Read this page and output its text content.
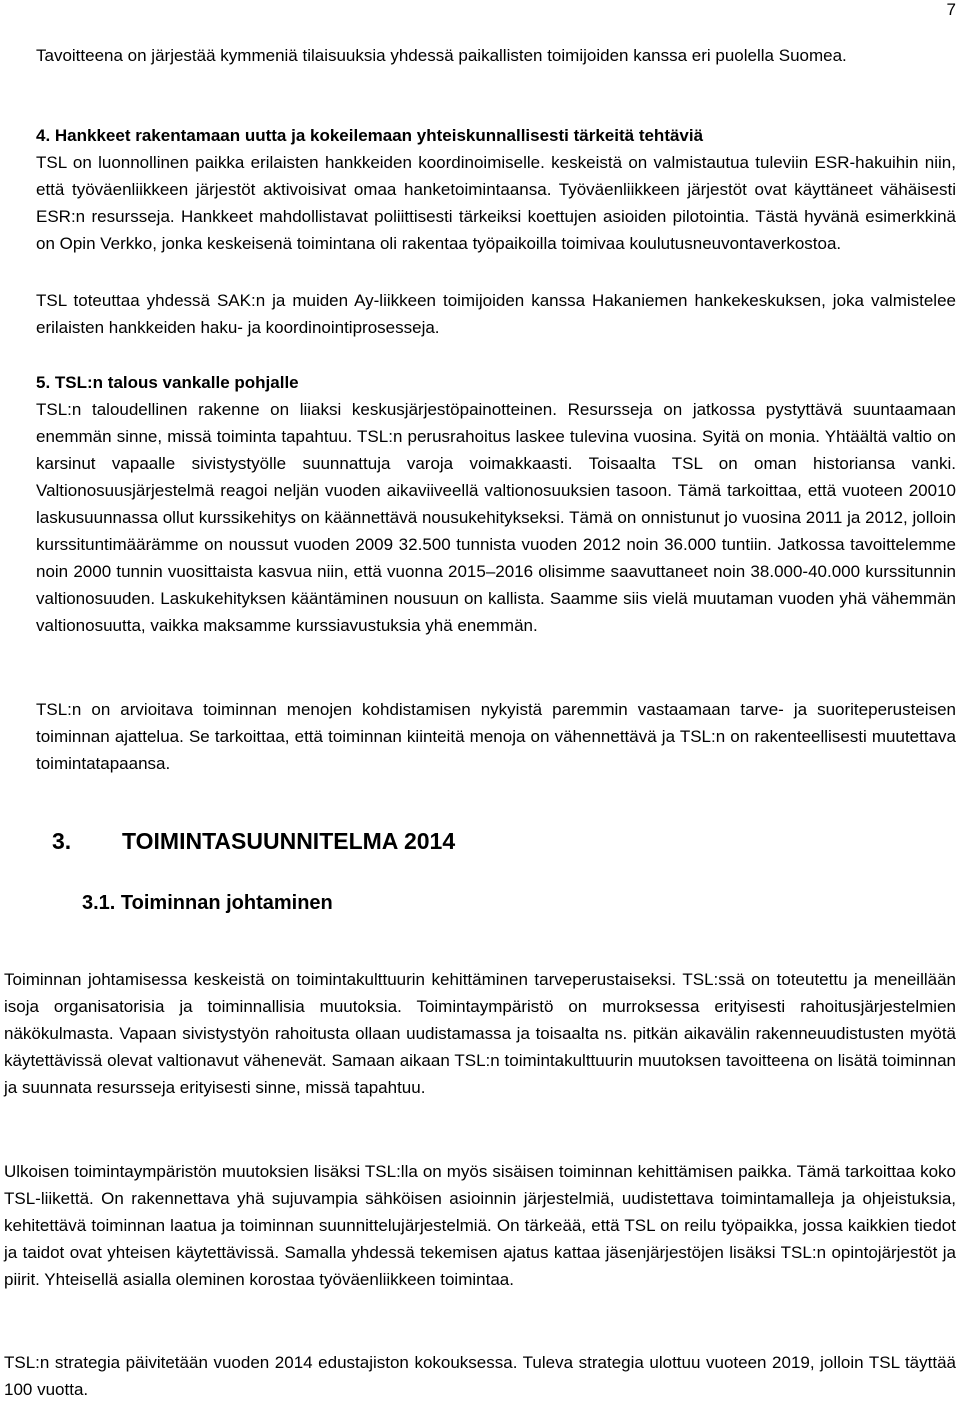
7

Tavoitteena on järjestää kymmeniä tilaisuuksia yhdessä paikallisten toimijoiden kanssa eri puolella Suomea.

4. Hankkeet rakentamaan uutta ja kokeilemaan yhteiskunnallisesti tärkeitä tehtäviä

TSL on luonnollinen paikka erilaisten hankkeiden koordinoimiselle. keskeistä on valmistautua tuleviin ESR-hakuihin niin, että työväenliikkeen järjestöt aktivoisivat omaa hanketoimintaansa. Työväenliikkeen järjestöt ovat käyttäneet vähäisesti ESR:n resursseja. Hankkeet mahdollistavat poliittisesti tärkeiksi koettujen asioiden pilotointia. Tästä hyvänä esimerkkinä on Opin Verkko, jonka keskeisenä toimintana oli rakentaa työpaikoilla toimivaa koulutusneuvontaverkostoa.

TSL toteuttaa yhdessä SAK:n ja muiden Ay-liikkeen toimijoiden kanssa Hakaniemen hankekeskuksen, joka valmistelee erilaisten hankkeiden haku- ja koordinointiprosesseja.

5. TSL:n talous vankalle pohjalle

TSL:n taloudellinen rakenne on liiaksi keskusjärjestöpainotteinen. Resursseja on jatkossa pystyttävä suuntaamaan enemmän sinne, missä toiminta tapahtuu. TSL:n perusrahoitus laskee tulevina vuosina. Syitä on monia. Yhtäältä valtio on karsinut vapaalle sivistystyölle suunnattuja varoja voimakkaasti. Toisaalta TSL on oman historiansa vanki. Valtionosuusjärjestelmä reagoi neljän vuoden aikaviiveellä valtionosuuksien tasoon. Tämä tarkoittaa, että vuoteen 20010 laskusuunnassa ollut kurssikehitys on käännettävä nousukehitykseksi. Tämä on onnistunut jo vuosina 2011 ja 2012, jolloin kurssituntimäärämme on noussut vuoden 2009 32.500 tunnista vuoden 2012 noin 36.000 tuntiin. Jatkossa tavoittelemme noin 2000 tunnin vuosittaista kasvua niin, että vuonna 2015–2016 olisimme saavuttaneet noin 38.000-40.000 kurssitunnin valtionosuuden. Laskukehityksen kääntäminen nousuun on kallista. Saamme siis vielä muutaman vuoden yhä vähemmän valtionosuutta, vaikka maksamme kurssiavustuksia yhä enemmän.

TSL:n on arvioitava toiminnan menojen kohdistamisen nykyistä paremmin vastaamaan tarve- ja suoriteperusteisen toiminnan ajattelua. Se tarkoittaa, että toiminnan kiinteitä menoja on vähennettävä ja TSL:n on rakenteellisesti muutettava toimintatapaansa.

3. TOIMINTASUUNNITELMA 2014
3.1. Toiminnan johtaminen

Toiminnan johtamisessa keskeistä on toimintakulttuurin kehittäminen tarveperustaiseksi. TSL:ssä on toteutettu ja meneillään isoja organisatorisia ja toiminnallisia muutoksia. Toimintaympäristö on murroksessa erityisesti rahoitusjärjestelmien näkökulmasta. Vapaan sivistystyön rahoitusta ollaan uudistamassa ja toisaalta ns. pitkän aikavälin rakenneuudistusten myötä käytettävissä olevat valtionavut vähenevät. Samaan aikaan TSL:n toimintakulttuurin muutoksen tavoitteena on lisätä toiminnan ja suunnata resursseja erityisesti sinne, missä tapahtuu.

Ulkoisen toimintaympäristön muutoksien lisäksi TSL:lla on myös sisäisen toiminnan kehittämisen paikka. Tämä tarkoittaa koko TSL-liikettä. On rakennettava yhä sujuvampia sähköisen asioinnin järjestelmiä, uudistettava toimintamalleja ja ohjeistuksia, kehitettävä toiminnan laatua ja toiminnan suunnittelujärjestelmiä. On tärkeää, että TSL on reilu työpaikka, jossa kaikkien tiedot ja taidot ovat yhteisen käytettävissä. Samalla yhdessä tekemisen ajatus kattaa jäsenjärjestöjen lisäksi TSL:n opintojärjestöt ja piirit. Yhteisellä asialla oleminen korostaa työväenliikkeen toimintaa.

TSL:n strategia päivitetään vuoden 2014 edustajiston kokouksessa. Tuleva strategia ulottuu vuoteen 2019, jolloin TSL täyttää 100 vuotta.
